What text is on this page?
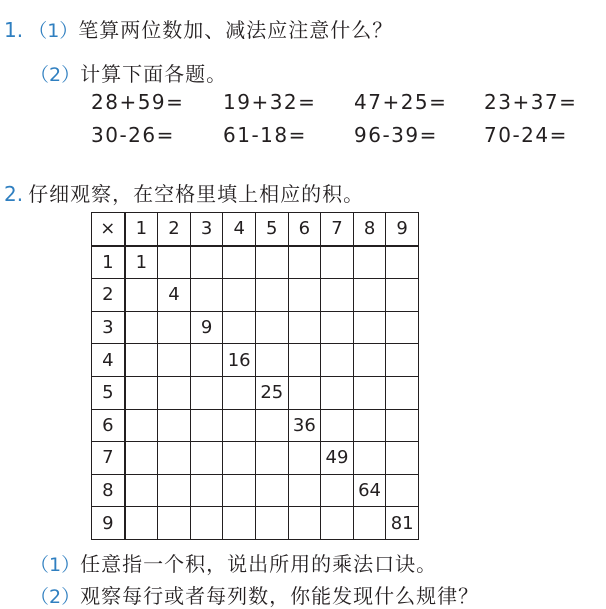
1. （1）笔算两位数加、减法应注意什么？
（2）计算下面各题。
28+59= 19+32= 47+25= 23+37=
30-26= 61-18= 96-39= 70-24=
2. 仔细观察，在空格里填上相应的积。
×	1	2	3	4	5	6	7	8	9
1	1								
2		4							
3			9						
4				16					
5					25				
6						36			
7							49		
8								64	
9									81
（1）任意指一个积，说出所用的乘法口诀。
（2）观察每行或者每列数，你能发现什么规律？
